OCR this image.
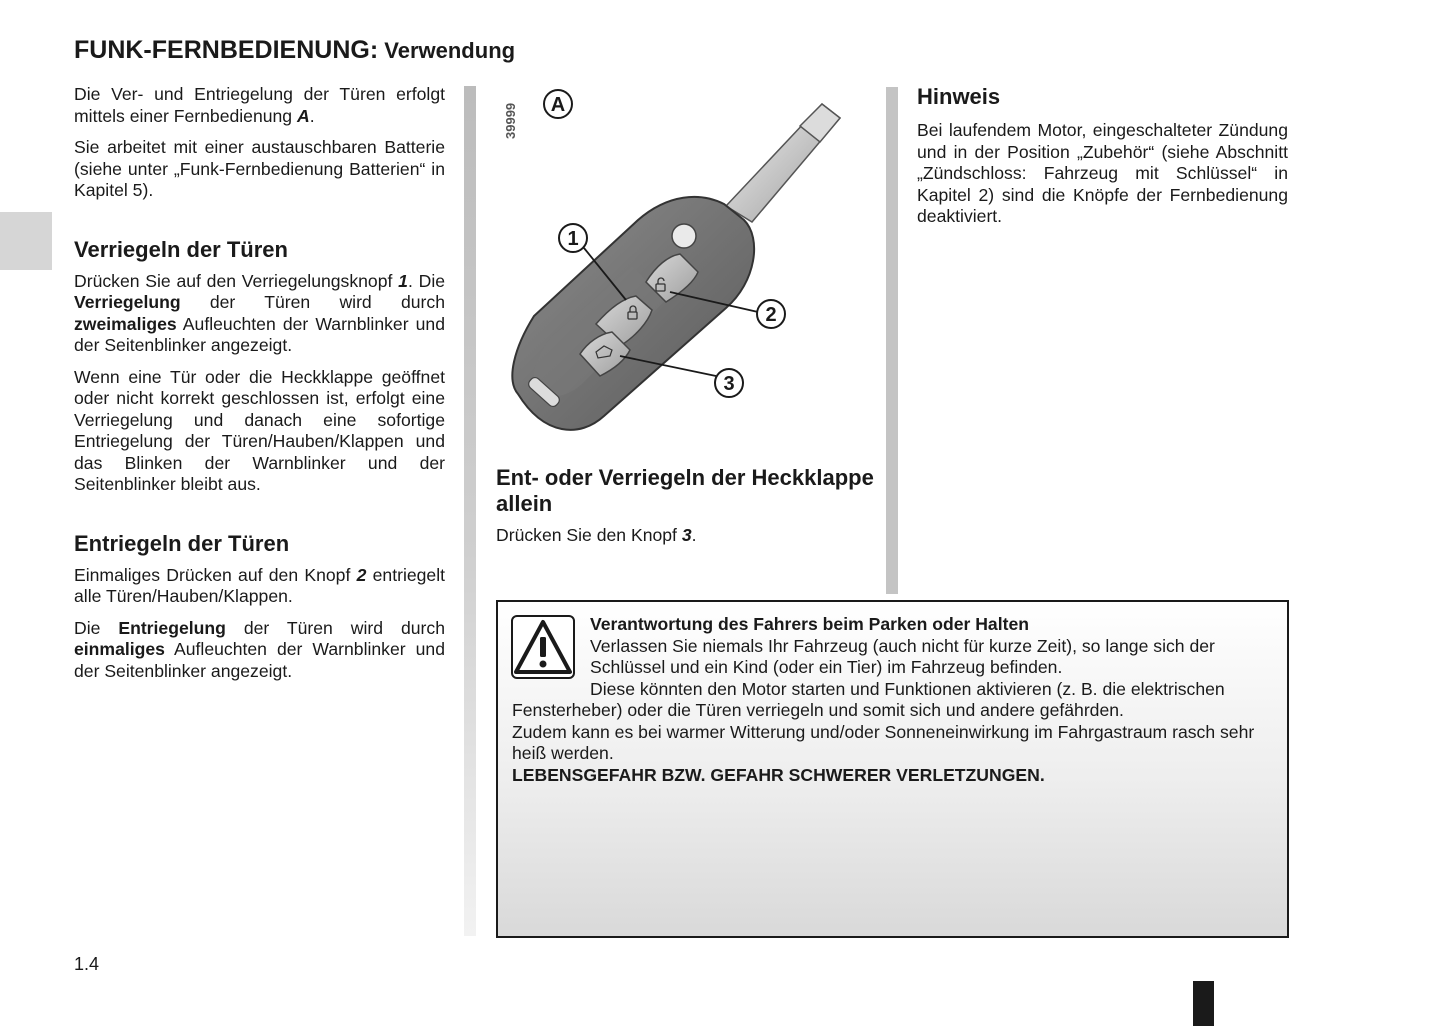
FUNK-FERNBEDIENUNG: Verwendung

Die Ver- und Entriegelung der Türen erfolgt mittels einer Fernbedienung A.

Sie arbeitet mit einer austauschbaren Batterie (siehe unter „Funk-Fernbedienung Batterien“ in Kapitel 5).

Verriegeln der Türen

Drücken Sie auf den Verriegelungsknopf 1. Die Verriegelung der Türen wird durch zweimaliges Aufleuchten der Warnblinker und der Seitenblinker angezeigt.

Wenn eine Tür oder die Heckklappe geöffnet oder nicht korrekt geschlossen ist, erfolgt eine Verriegelung und danach eine sofortige Entriegelung der Türen/Hauben/Klappen und das Blinken der Warnblinker und der Seitenblinker bleibt aus.

Entriegeln der Türen

Einmaliges Drücken auf den Knopf 2 entriegelt alle Türen/Hauben/Klappen.

Die Entriegelung der Türen wird durch einmaliges Aufleuchten der Warnblinker und der Seitenblinker angezeigt.

39999 A
1
2
3
Ent- oder Verriegeln der Heckklappe allein

Drücken Sie den Knopf 3.

Hinweis

Bei laufendem Motor, eingeschalteter Zündung und in der Position „Zubehör“ (siehe Abschnitt „Zündschloss: Fahrzeug mit Schlüssel“ in Kapitel 2) sind die Knöpfe der Fernbedienung deaktiviert.

Verantwortung des Fahrers beim Parken oder Halten

Verlassen Sie niemals Ihr Fahrzeug (auch nicht für kurze Zeit), so lange sich der Schlüssel und ein Kind (oder ein Tier) im Fahrzeug befinden.

Diese könnten den Motor starten und Funktionen aktivieren (z. B. die elektrischen Fensterheber) oder die Türen verriegeln und somit sich und andere gefährden.

Zudem kann es bei warmer Witterung und/oder Sonneneinwirkung im Fahrgastraum rasch sehr heiß werden.

LEBENSGEFAHR BZW. GEFAHR SCHWERER VERLETZUNGEN.

1.4
